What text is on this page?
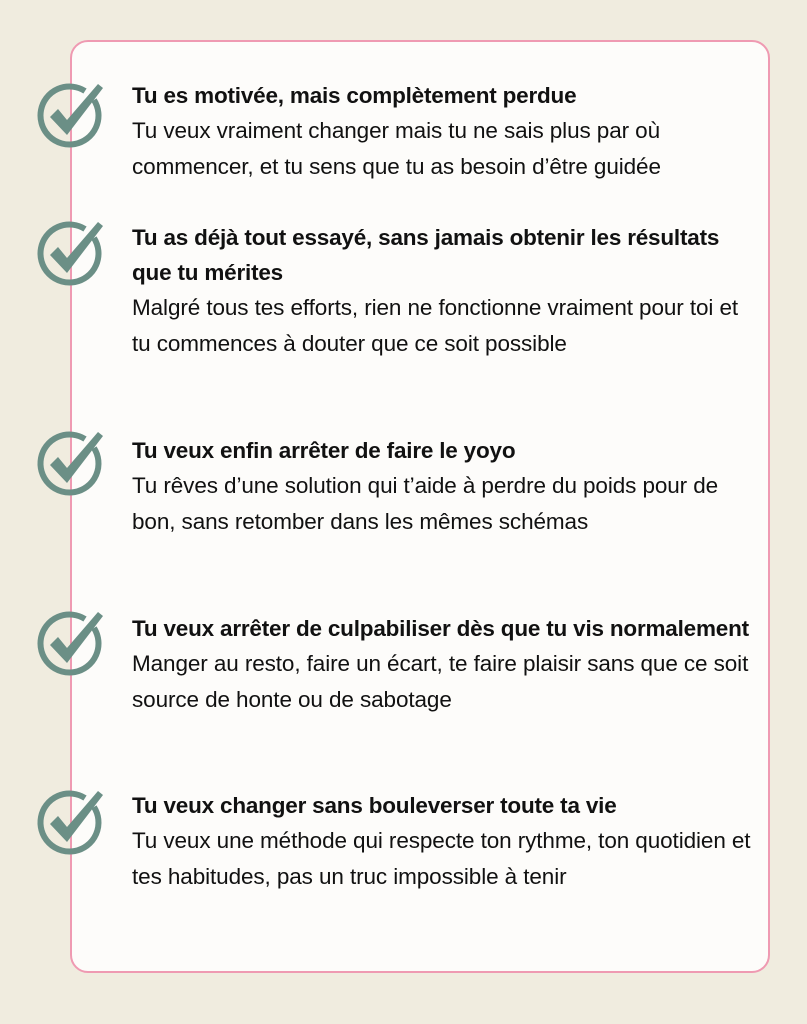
Tu es motivée, mais complètement perdue
Tu veux vraiment changer mais tu ne sais plus par où commencer, et tu sens que tu as besoin d’être guidée
Tu as déjà tout essayé, sans jamais obtenir les résultats que tu mérites
Malgré tous tes efforts, rien ne fonctionne vraiment pour toi et tu commences à douter que ce soit possible
Tu veux enfin arrêter de faire le yoyo
Tu rêves d’une solution qui t’aide à perdre du poids pour de bon, sans retomber dans les mêmes schémas
Tu veux arrêter de culpabiliser dès que tu vis normalement
Manger au resto, faire un écart, te faire plaisir sans que ce soit source de honte ou de sabotage
Tu veux changer sans bouleverser toute ta vie
Tu veux une méthode qui respecte ton rythme, ton quotidien et tes habitudes, pas un truc impossible à tenir
